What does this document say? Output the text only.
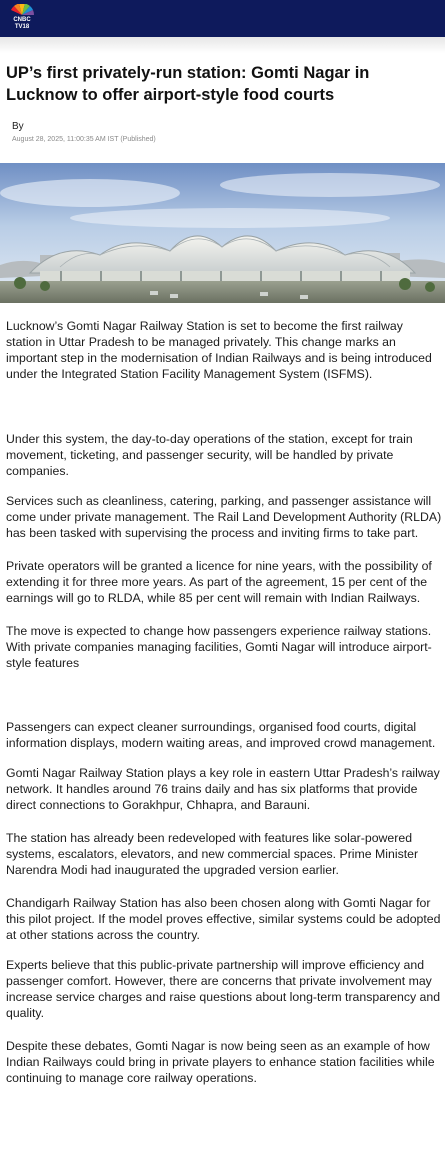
CNBC
TV18
UP’s first privately-run station: Gomti Nagar in Lucknow to offer airport-style food courts
By
August 28, 2025, 11:00:35 AM IST (Published)

Lucknow’s Gomti Nagar Railway Station is set to become the first railway station in Uttar Pradesh to be managed privately. This change marks an important step in the modernisation of Indian Railways and is being introduced under the Integrated Station Facility Management System (ISFMS).

Under this system, the day-to-day operations of the station, except for train movement, ticketing, and passenger security, will be handled by private companies.

Services such as cleanliness, catering, parking, and passenger assistance will come under private management. The Rail Land Development Authority (RLDA) has been tasked with supervising the process and inviting firms to take part.

Private operators will be granted a licence for nine years, with the possibility of extending it for three more years. As part of the agreement, 15 per cent of the earnings will go to RLDA, while 85 per cent will remain with Indian Railways.

The move is expected to change how passengers experience railway stations. With private companies managing facilities, Gomti Nagar will introduce airport-style features

Passengers can expect cleaner surroundings, organised food courts, digital information displays, modern waiting areas, and improved crowd management.

Gomti Nagar Railway Station plays a key role in eastern Uttar Pradesh’s railway network. It handles around 76 trains daily and has six platforms that provide direct connections to Gorakhpur, Chhapra, and Barauni.

The station has already been redeveloped with features like solar-powered systems, escalators, elevators, and new commercial spaces. Prime Minister Narendra Modi had inaugurated the upgraded version earlier.

Chandigarh Railway Station has also been chosen along with Gomti Nagar for this pilot project. If the model proves effective, similar systems could be adopted at other stations across the country.

Experts believe that this public-private partnership will improve efficiency and passenger comfort. However, there are concerns that private involvement may increase service charges and raise questions about long-term transparency and quality.

Despite these debates, Gomti Nagar is now being seen as an example of how Indian Railways could bring in private players to enhance station facilities while continuing to manage core railway operations.
